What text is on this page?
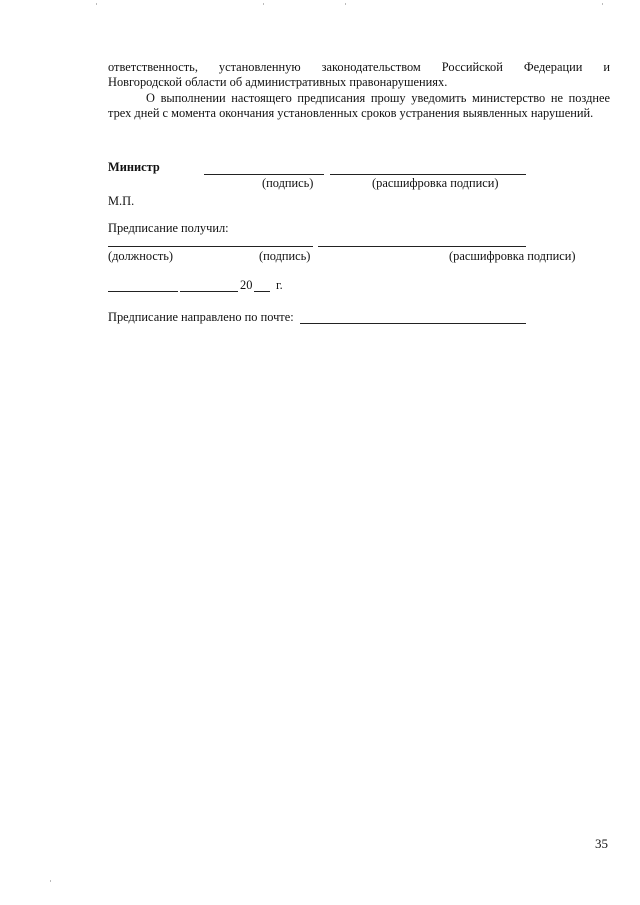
ответственность, установленную законодательством Российской Федерации и
Новгородской области об административных правонарушениях.

О выполнении настоящего предписания прошу уведомить министерство не позднее трех дней с момента окончания установленных сроков устранения выявленных нарушений.

Министр
(подпись)	(расшифровка подписи)
М.П.
Предписание получил:
(должность)	(подпись)	(расшифровка подписи)
20 г.
Предписание направлено по почте:
35
